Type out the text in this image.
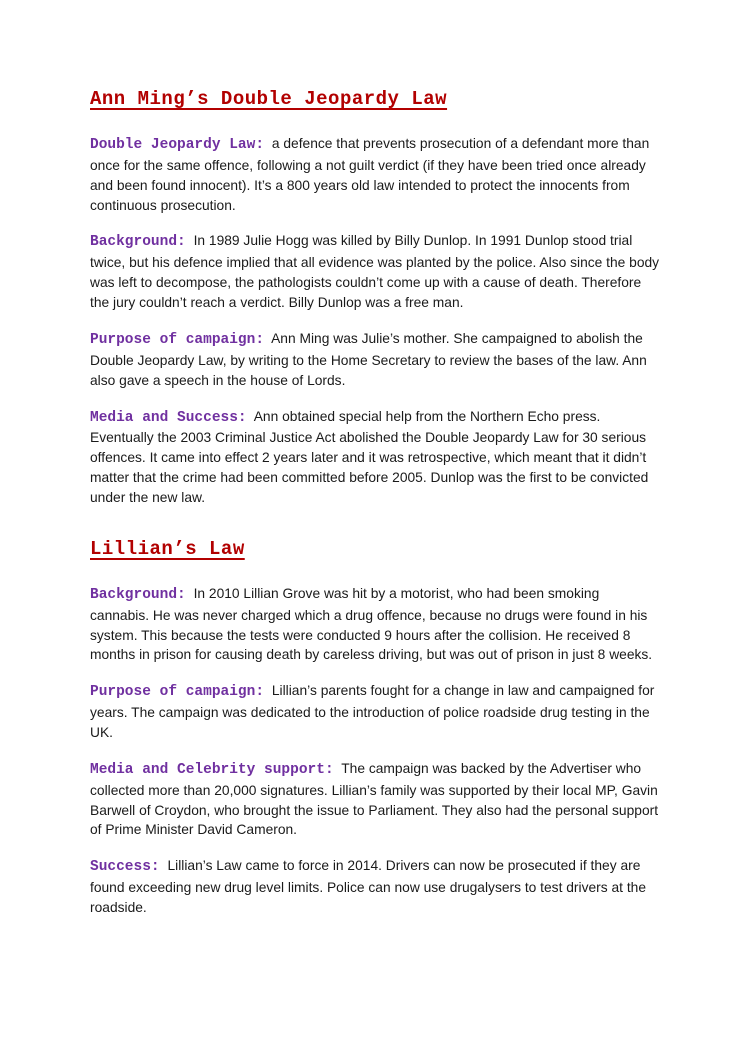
Ann Ming’s Double Jeopardy Law

Double Jeopardy Law: a defence that prevents prosecution of a defendant more than once for the same offence, following a not guilt verdict (if they have been tried once already and been found innocent). It’s a 800 years old law intended to protect the innocents from continuous prosecution.

Background: In 1989 Julie Hogg was killed by Billy Dunlop. In 1991 Dunlop stood trial twice, but his defence implied that all evidence was planted by the police. Also since the body was left to decompose, the pathologists couldn’t come up with a cause of death. Therefore the jury couldn’t reach a verdict. Billy Dunlop was a free man.

Purpose of campaign: Ann Ming was Julie’s mother. She campaigned to abolish the Double Jeopardy Law, by writing to the Home Secretary to review the bases of the law. Ann also gave a speech in the house of Lords.

Media and Success: Ann obtained special help from the Northern Echo press. Eventually the 2003 Criminal Justice Act abolished the Double Jeopardy Law for 30 serious offences. It came into effect 2 years later and it was retrospective, which meant that it didn’t matter that the crime had been committed before 2005. Dunlop was the first to be convicted under the new law.

Lillian’s Law

Background: In 2010 Lillian Grove was hit by a motorist, who had been smoking cannabis. He was never charged which a drug offence, because no drugs were found in his system. This because the tests were conducted 9 hours after the collision. He received 8 months in prison for causing death by careless driving, but was out of prison in just 8 weeks.

Purpose of campaign: Lillian’s parents fought for a change in law and campaigned for years. The campaign was dedicated to the introduction of police roadside drug testing in the UK.

Media and Celebrity support: The campaign was backed by the Advertiser who collected more than 20,000 signatures. Lillian’s family was supported by their local MP, Gavin Barwell of Croydon, who brought the issue to Parliament. They also had the personal support of Prime Minister David Cameron.

Success: Lillian’s Law came to force in 2014. Drivers can now be prosecuted if they are found exceeding new drug level limits. Police can now use drugalysers to test drivers at the roadside.
